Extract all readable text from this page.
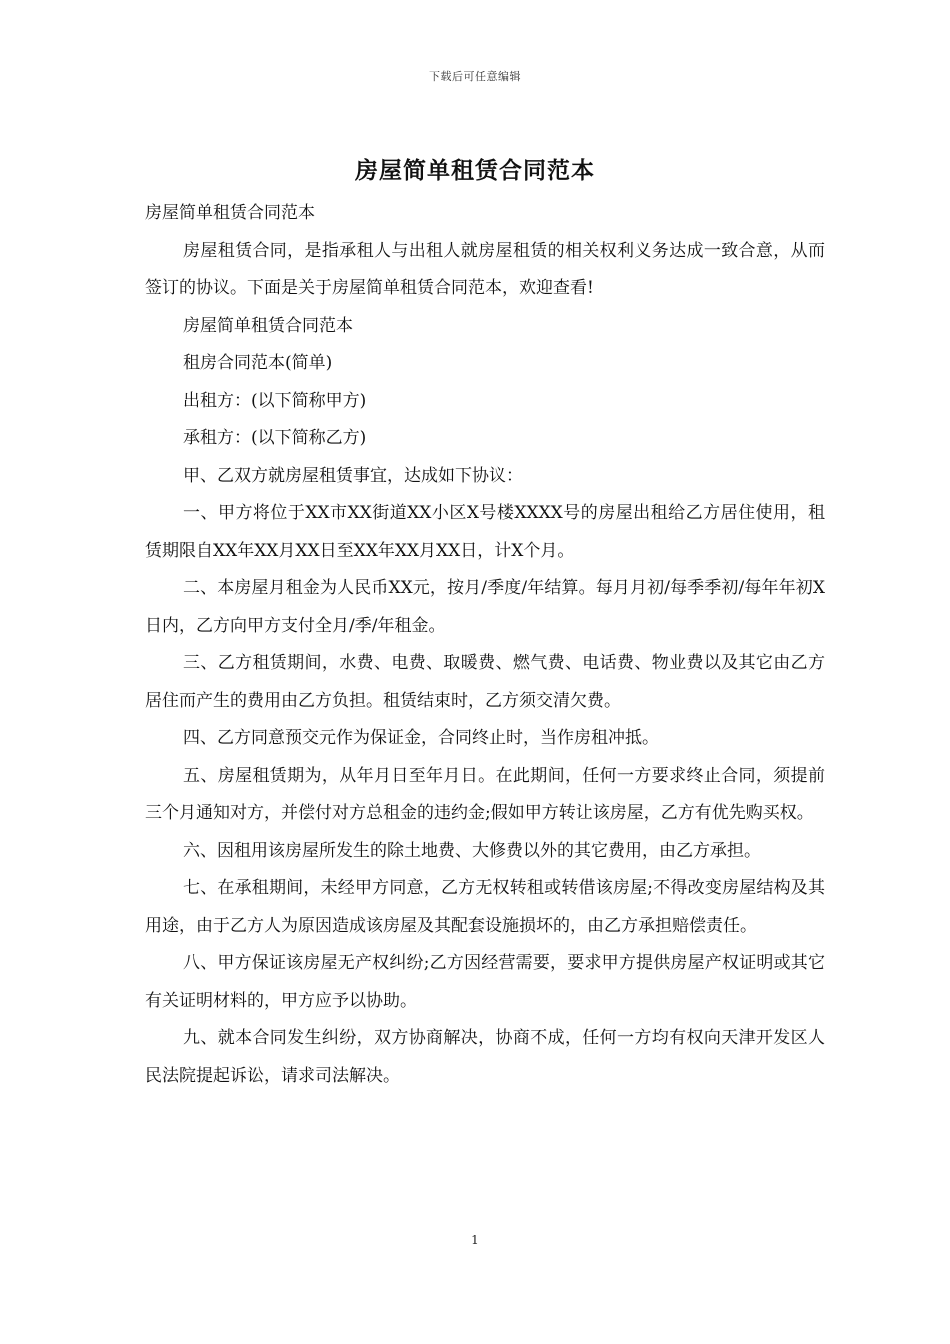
下载后可任意编辑
房屋简单租赁合同范本

房屋简单租赁合同范本

房屋租赁合同，是指承租人与出租人就房屋租赁的相关权利义务达成一致合意，从而签订的协议。下面是关于房屋简单租赁合同范本，欢迎查看!

房屋简单租赁合同范本

租房合同范本(简单)

出租方：(以下简称甲方)

承租方：(以下简称乙方)

甲、乙双方就房屋租赁事宜，达成如下协议：

一、甲方将位于XX市XX街道XX小区X号楼XXXX号的房屋出租给乙方居住使用，租赁期限自XX年XX月XX日至XX年XX月XX日，计X个月。

二、本房屋月租金为人民币XX元，按月/季度/年结算。每月月初/每季季初/每年年初X日内，乙方向甲方支付全月/季/年租金。

三、乙方租赁期间，水费、电费、取暖费、燃气费、电话费、物业费以及其它由乙方居住而产生的费用由乙方负担。租赁结束时，乙方须交清欠费。

四、乙方同意预交元作为保证金，合同终止时，当作房租冲抵。

五、房屋租赁期为，从年月日至年月日。在此期间，任何一方要求终止合同，须提前三个月通知对方，并偿付对方总租金的违约金;假如甲方转让该房屋，乙方有优先购买权。

六、因租用该房屋所发生的除土地费、大修费以外的其它费用，由乙方承担。

七、在承租期间，未经甲方同意，乙方无权转租或转借该房屋;不得改变房屋结构及其用途，由于乙方人为原因造成该房屋及其配套设施损坏的，由乙方承担赔偿责任。

八、甲方保证该房屋无产权纠纷;乙方因经营需要，要求甲方提供房屋产权证明或其它有关证明材料的，甲方应予以协助。

九、就本合同发生纠纷，双方协商解决，协商不成，任何一方均有权向天津开发区人民法院提起诉讼，请求司法解决。

1
